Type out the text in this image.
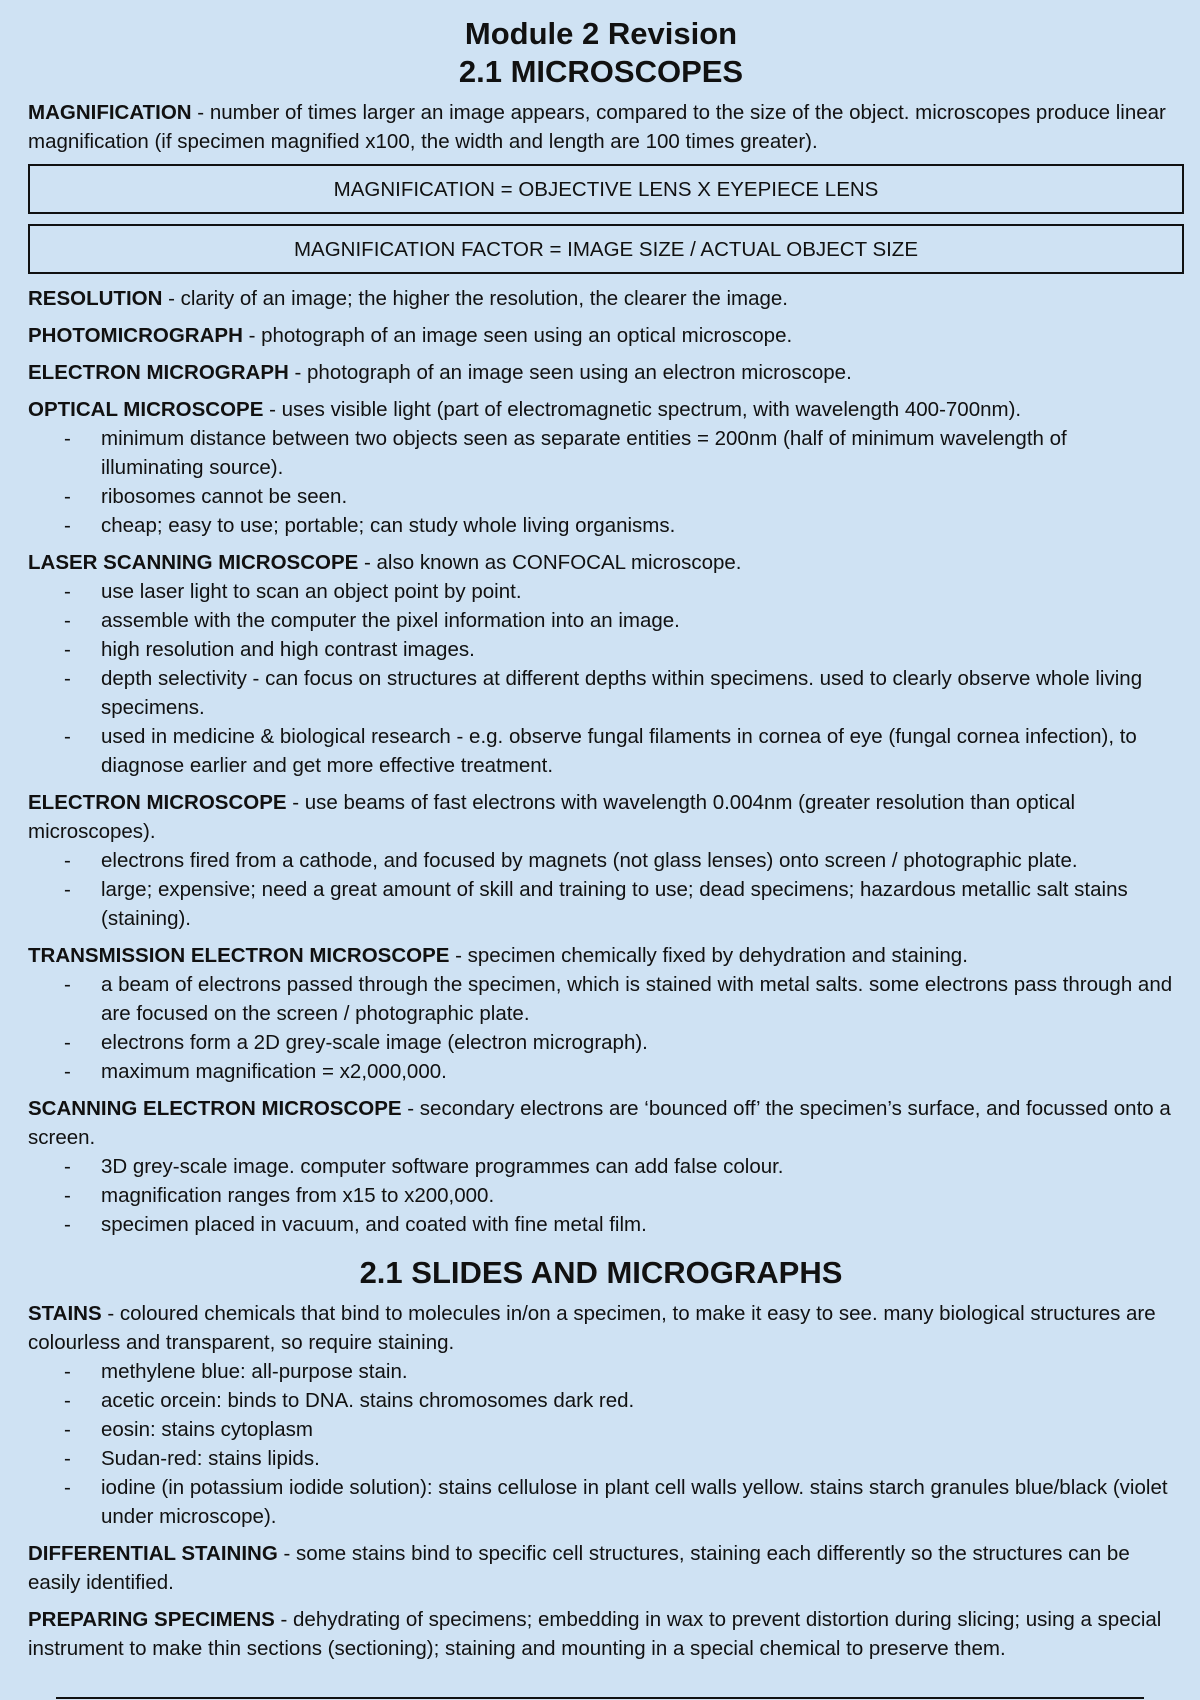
Module 2 Revision
2.1 MICROSCOPES

MAGNIFICATION - number of times larger an image appears, compared to the size of the object. microscopes produce linear magnification (if specimen magnified x100, the width and length are 100 times greater).

MAGNIFICATION = OBJECTIVE LENS X EYEPIECE LENS
MAGNIFICATION FACTOR = IMAGE SIZE / ACTUAL OBJECT SIZE

RESOLUTION - clarity of an image; the higher the resolution, the clearer the image.

PHOTOMICROGRAPH - photograph of an image seen using an optical microscope.

ELECTRON MICROGRAPH - photograph of an image seen using an electron microscope.

OPTICAL MICROSCOPE - uses visible light (part of electromagnetic spectrum, with wavelength 400-700nm).

- minimum distance between two objects seen as separate entities = 200nm (half of minimum wavelength of illuminating source).
- ribosomes cannot be seen.
- cheap; easy to use; portable; can study whole living organisms.

LASER SCANNING MICROSCOPE - also known as CONFOCAL microscope.

- use laser light to scan an object point by point.
- assemble with the computer the pixel information into an image.
- high resolution and high contrast images.
- depth selectivity - can focus on structures at different depths within specimens. used to clearly observe whole living specimens.
- used in medicine & biological research - e.g. observe fungal filaments in cornea of eye (fungal cornea infection), to diagnose earlier and get more effective treatment.

ELECTRON MICROSCOPE - use beams of fast electrons with wavelength 0.004nm (greater resolution than optical microscopes).

- electrons fired from a cathode, and focused by magnets (not glass lenses) onto screen / photographic plate.
- large; expensive; need a great amount of skill and training to use; dead specimens; hazardous metallic salt stains (staining).

TRANSMISSION ELECTRON MICROSCOPE - specimen chemically fixed by dehydration and staining.

- a beam of electrons passed through the specimen, which is stained with metal salts. some electrons pass through and are focused on the screen / photographic plate.
- electrons form a 2D grey-scale image (electron micrograph).
- maximum magnification = x2,000,000.

SCANNING ELECTRON MICROSCOPE - secondary electrons are ‘bounced off’ the specimen’s surface, and focussed onto a screen.

- 3D grey-scale image. computer software programmes can add false colour.
- magnification ranges from x15 to x200,000.
- specimen placed in vacuum, and coated with fine metal film.
2.1 SLIDES AND MICROGRAPHS

STAINS - coloured chemicals that bind to molecules in/on a specimen, to make it easy to see. many biological structures are colourless and transparent, so require staining.

- methylene blue: all-purpose stain.
- acetic orcein: binds to DNA. stains chromosomes dark red.
- eosin: stains cytoplasm
- Sudan-red: stains lipids.
- iodine (in potassium iodide solution): stains cellulose in plant cell walls yellow. stains starch granules blue/black (violet under microscope).

DIFFERENTIAL STAINING - some stains bind to specific cell structures, staining each differently so the structures can be easily identified.

PREPARING SPECIMENS - dehydrating of specimens; embedding in wax to prevent distortion during slicing; using a special instrument to make thin sections (sectioning); staining and mounting in a special chemical to preserve them.
